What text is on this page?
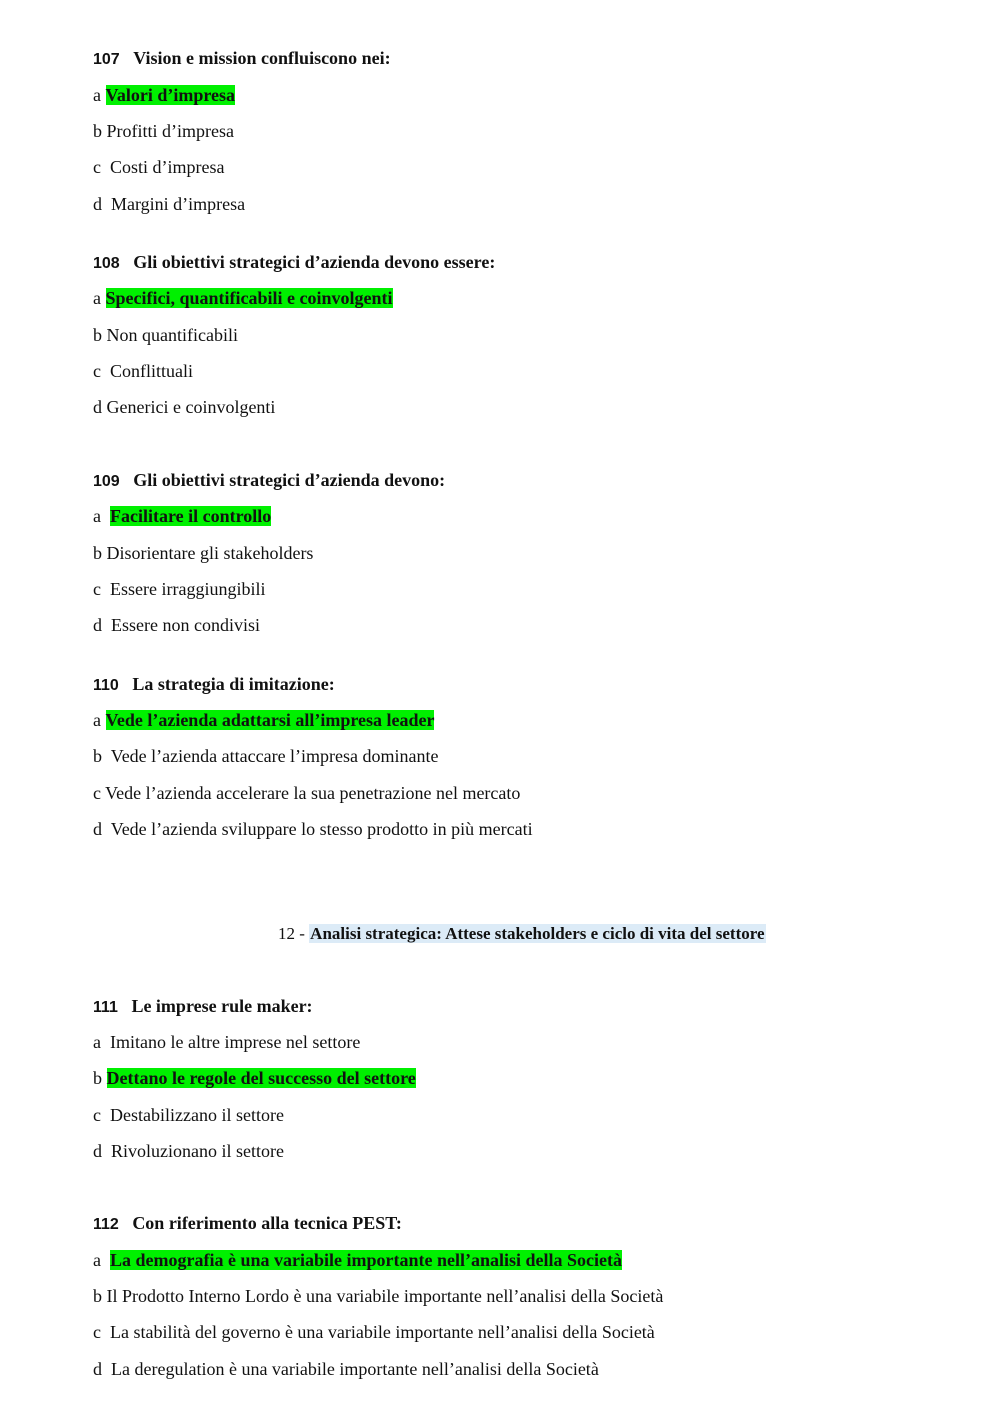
107 Vision e mission confluiscono nei:
a Valori d’impresa
b Profitti d’impresa
c  Costi d’impresa
d  Margini d’impresa
108 Gli obiettivi strategici d’azienda devono essere:
a Specifici, quantificabili e coinvolgenti
b Non quantificabili
c  Conflittuali
d Generici e coinvolgenti
109 Gli obiettivi strategici d’azienda devono:
a  Facilitare il controllo
b Disorientare gli stakeholders
c  Essere irraggiungibili
d  Essere non condivisi
110 La strategia di imitazione:
a Vede l’azienda adattarsi all’impresa leader
b  Vede l’azienda attaccare l’impresa dominante
c Vede l’azienda accelerare la sua penetrazione nel mercato
d  Vede l’azienda sviluppare lo stesso prodotto in più mercati
12 - Analisi strategica: Attese stakeholders e ciclo di vita del settore
111 Le imprese rule maker:
a  Imitano le altre imprese nel settore
b Dettano le regole del successo del settore
c  Destabilizzano il settore
d  Rivoluzionano il settore
112 Con riferimento alla tecnica PEST:
a  La demografia è una variabile importante nell’analisi della Società
b Il Prodotto Interno Lordo è una variabile importante nell’analisi della Società
c  La stabilità del governo è una variabile importante nell’analisi della Società
d  La deregulation è una variabile importante nell’analisi della Società
